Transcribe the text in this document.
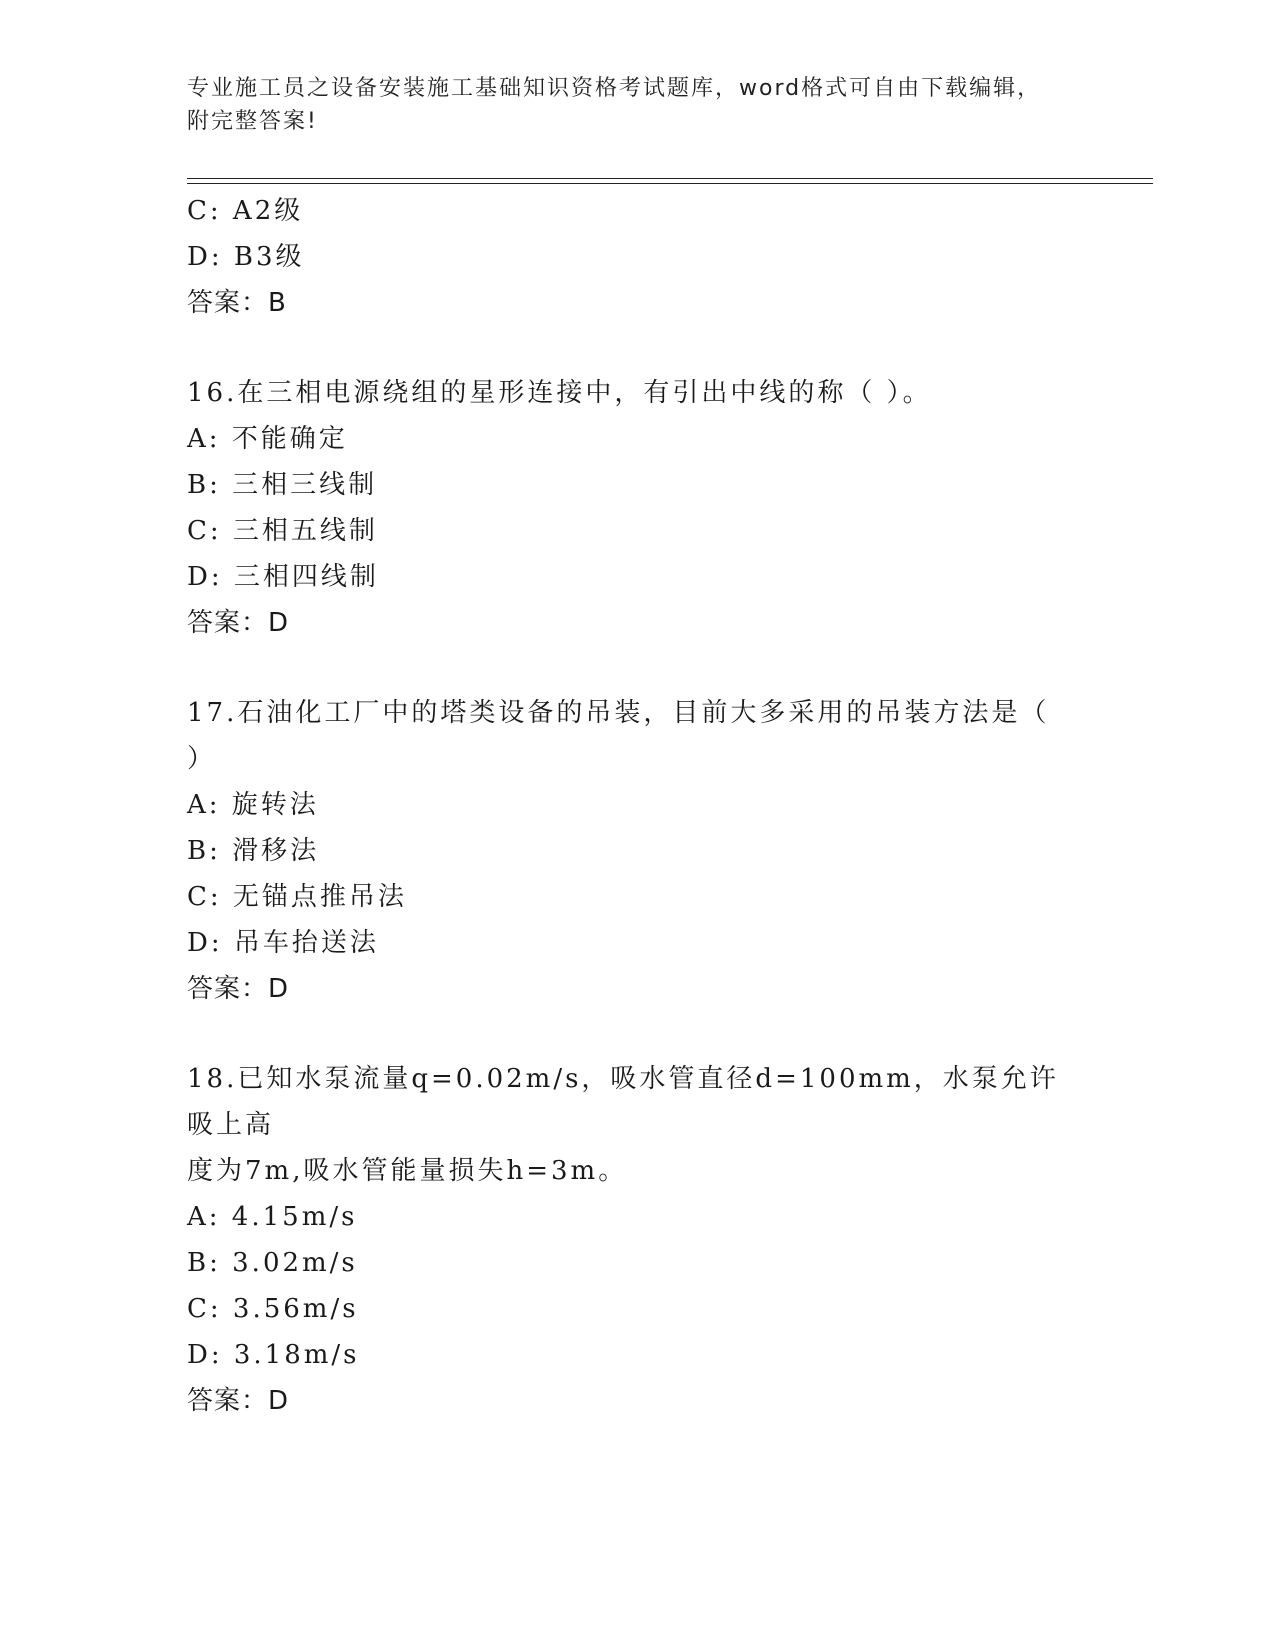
专业施工员之设备安装施工基础知识资格考试题库，word格式可自由下载编辑，
附完整答案!
C: A2级
D: B3级
答案：B
16.在三相电源绕组的星形连接中，有引出中线的称（ ）。
A: 不能确定
B: 三相三线制
C: 三相五线制
D: 三相四线制
答案：D
17.石油化工厂中的塔类设备的吊装，目前大多采用的吊装方法是（
）
A: 旋转法
B: 滑移法
C: 无锚点推吊法
D: 吊车抬送法
答案：D
18.已知水泵流量q=0.02m/s，吸水管直径d=100mm，水泵允许吸上高
度为7m,吸水管能量损失h=3m。
A: 4.15m/s
B: 3.02m/s
C: 3.56m/s
D: 3.18m/s
答案：D
